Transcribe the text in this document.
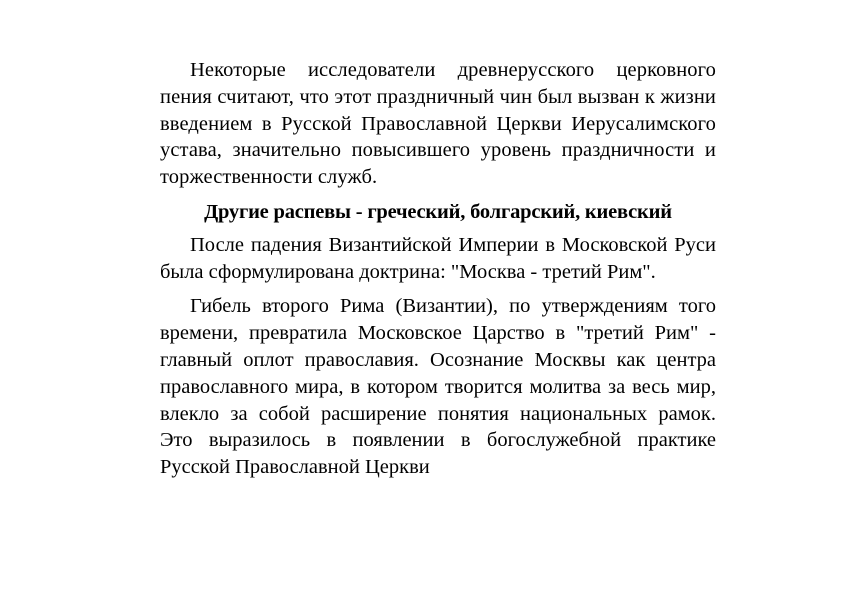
Некоторые исследователи древнерусского церковного пения считают, что этот праздничный чин был вызван к жизни введением в Русской Православной Церкви Иерусалимского устава, значительно повысившего уровень праздничности и торжественности служб.

Другие распевы - греческий, болгарский, киевский

После падения Византийской Империи в Московской Руси была сформулирована доктрина: "Москва - третий Рим".

Гибель второго Рима (Византии), по утверждениям того времени, превратила Московское Царство в "третий Рим" - главный оплот православия. Осознание Москвы как центра православного мира, в котором творится молитва за весь мир, влекло за собой расширение понятия национальных рамок. Это выразилось в появлении в богослужебной практике Русской Православной Церкви
